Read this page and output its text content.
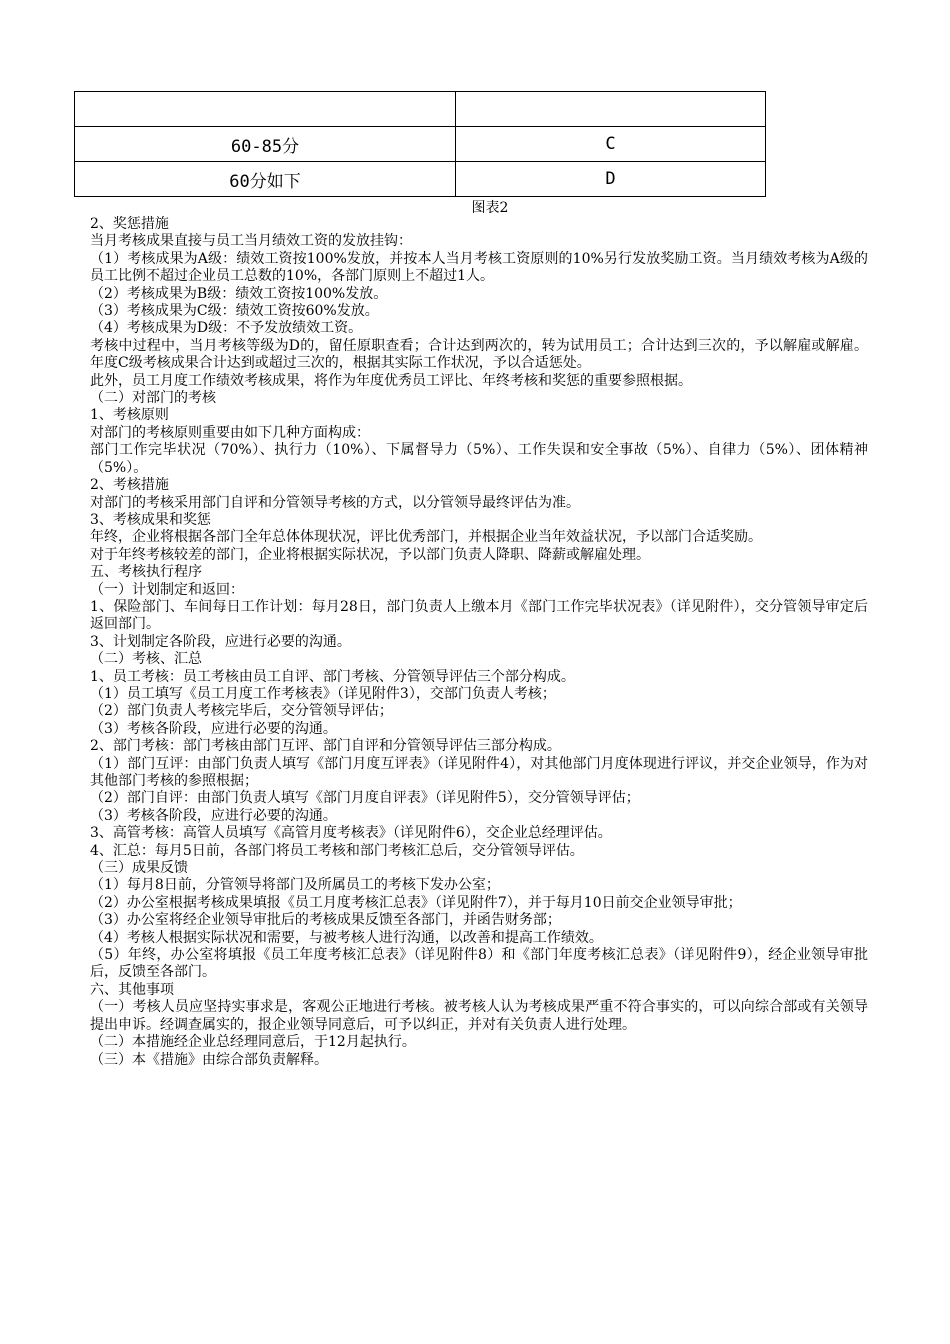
60-85分	C
60分如下	D
图表2

2、奖惩措施

当月考核成果直接与员工当月绩效工资的发放挂钩：

（1）考核成果为A级：绩效工资按100%发放，并按本人当月考核工资原则的10%另行发放奖励工资。当月绩效考核为A级的员工比例不超过企业员工总数的10%，各部门原则上不超过1人。

（2）考核成果为B级：绩效工资按100%发放。

（3）考核成果为C级：绩效工资按60%发放。

（4）考核成果为D级：不予发放绩效工资。

考核中过程中，当月考核等级为D的，留任原职查看；合计达到两次的，转为试用员工；合计达到三次的，予以解雇或解雇。年度C级考核成果合计达到或超过三次的，根据其实际工作状况，予以合适惩处。

此外，员工月度工作绩效考核成果，将作为年度优秀员工评比、年终考核和奖惩的重要参照根据。

（二）对部门的考核

1、考核原则

对部门的考核原则重要由如下几种方面构成：

部门工作完毕状况（70%）、执行力（10%）、下属督导力（5%）、工作失误和安全事故（5%）、自律力（5%）、团体精神（5%）。

2、考核措施

对部门的考核采用部门自评和分管领导考核的方式，以分管领导最终评估为准。

3、考核成果和奖惩

年终，企业将根据各部门全年总体体现状况，评比优秀部门，并根据企业当年效益状况，予以部门合适奖励。

对于年终考核较差的部门，企业将根据实际状况，予以部门负责人降职、降薪或解雇处理。

五、考核执行程序

（一）计划制定和返回：

1、保险部门、车间每日工作计划：每月28日，部门负责人上缴本月《部门工作完毕状况表》（详见附件），交分管领导审定后返回部门。

3、计划制定各阶段，应进行必要的沟通。

（二）考核、汇总

1、员工考核：员工考核由员工自评、部门考核、分管领导评估三个部分构成。

（1）员工填写《员工月度工作考核表》（详见附件3），交部门负责人考核；

（2）部门负责人考核完毕后，交分管领导评估；

（3）考核各阶段，应进行必要的沟通。

2、部门考核：部门考核由部门互评、部门自评和分管领导评估三部分构成。

（1）部门互评：由部门负责人填写《部门月度互评表》（详见附件4），对其他部门月度体现进行评议，并交企业领导，作为对其他部门考核的参照根据；

（2）部门自评：由部门负责人填写《部门月度自评表》（详见附件5），交分管领导评估；

（3）考核各阶段，应进行必要的沟通。

3、高管考核：高管人员填写《高管月度考核表》（详见附件6），交企业总经理评估。

4、汇总：每月5日前，各部门将员工考核和部门考核汇总后，交分管领导评估。

（三）成果反馈

（1）每月8日前，分管领导将部门及所属员工的考核下发办公室；

（2）办公室根据考核成果填报《员工月度考核汇总表》（详见附件7），并于每月10日前交企业领导审批；

（3）办公室将经企业领导审批后的考核成果反馈至各部门，并函告财务部；

（4）考核人根据实际状况和需要，与被考核人进行沟通，以改善和提高工作绩效。

（5）年终，办公室将填报《员工年度考核汇总表》（详见附件8）和《部门年度考核汇总表》（详见附件9），经企业领导审批后，反馈至各部门。

六、其他事项

（一）考核人员应坚持实事求是，客观公正地进行考核。被考核人认为考核成果严重不符合事实的，可以向综合部或有关领导提出申诉。经调查属实的，报企业领导同意后，可予以纠正，并对有关负责人进行处理。

（二）本措施经企业总经理同意后，于12月起执行。

（三）本《措施》由综合部负责解释。
